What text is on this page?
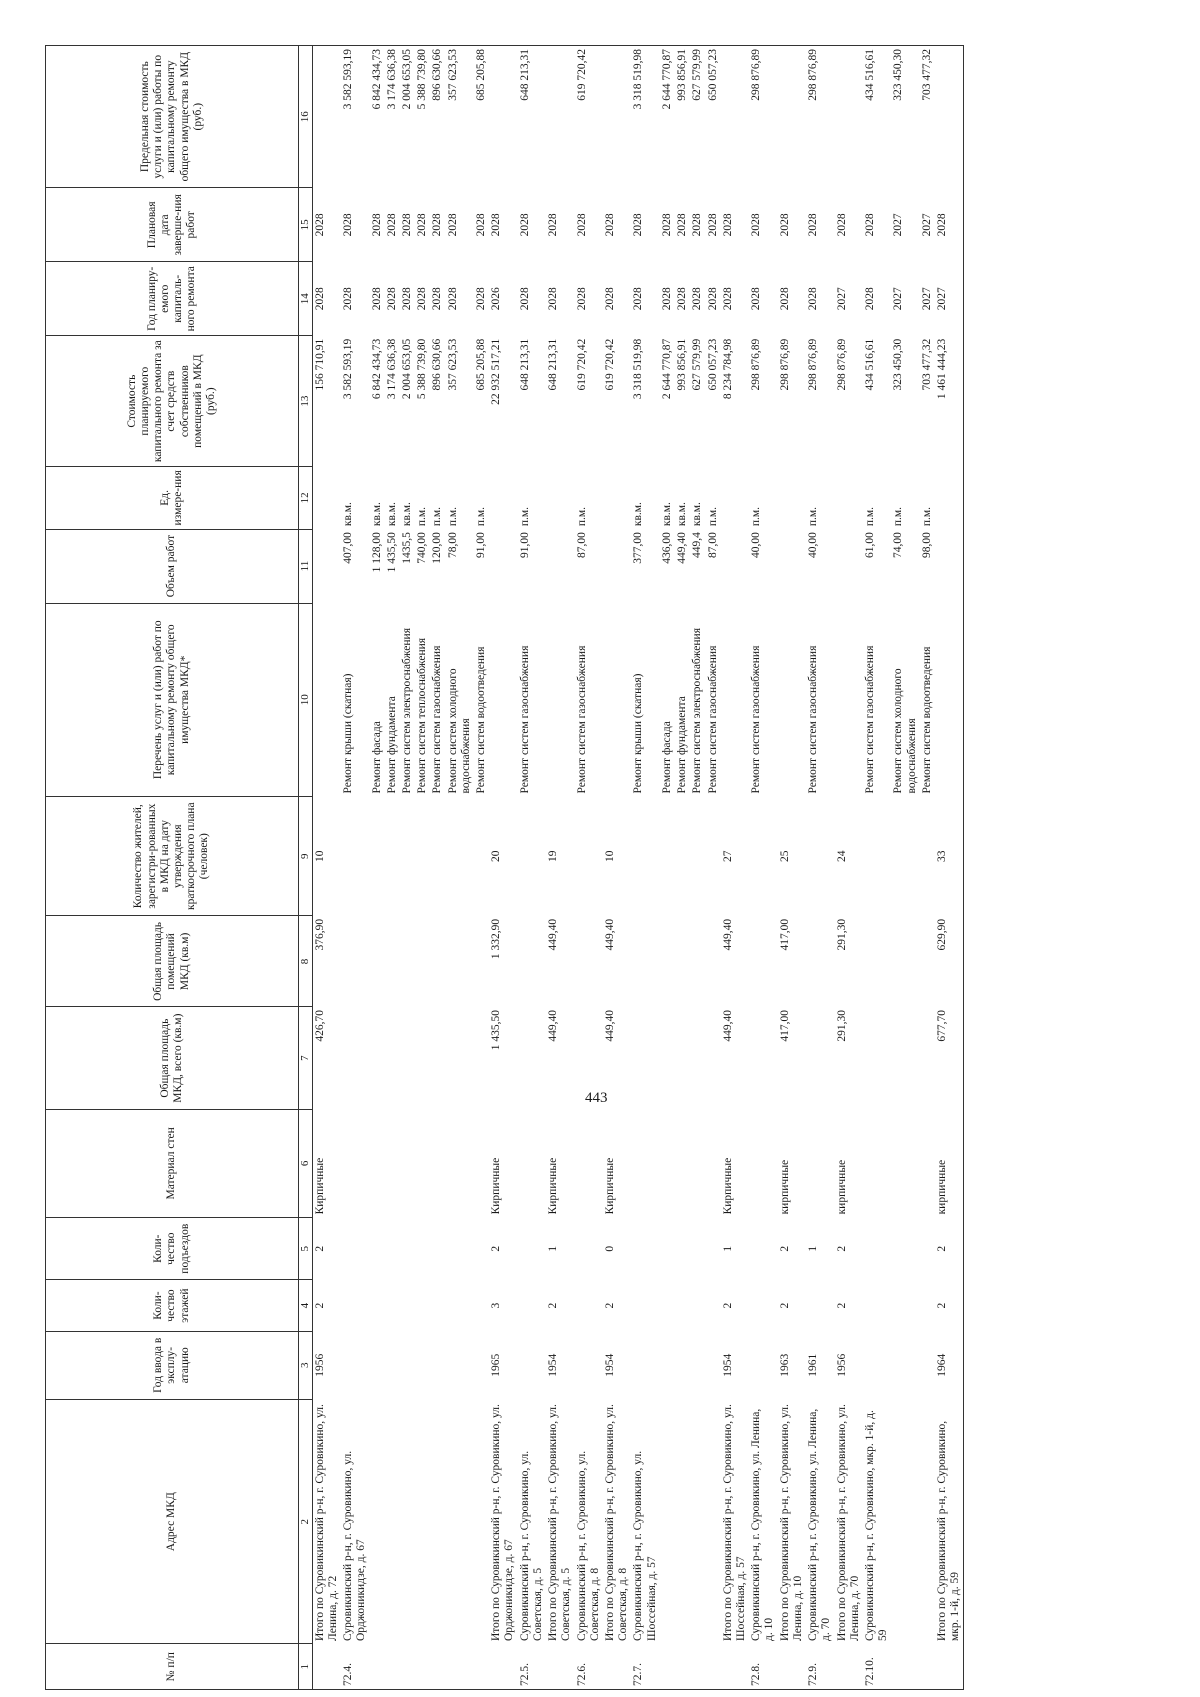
443
№ п/п	Адрес МКД	Год ввода в эксплу-атацию	Коли-чество этажей	Коли-чество подъездов	Материал стен	Общая площадь МКД, всего (кв.м)	Общая площадь помещений МКД (кв.м)	Количество жителей, зарегистри-рованных в МКД на дату утверждения краткосрочного плана (человек)	Перечень услуг и (или) работ по капитальному ремонту общего имущества МКД*	Объем работ	Ед. измере-ния	Стоимость планируемого капитального ремонта за счет средств собственников помещений в МКД (руб.)	Год планиру-емого капиталь-ного ремонта	Плановая дата заверше-ния работ	Предельная стоимость услуги и (или) работы по капитальному ремонту общего имущества в МКД (руб.)
1	2	3	4	5	6	7	8	9	10	11	12	13	14	15	16
	Итого по Суровикинский р-н, г. Суровикино, ул. Ленина, д. 72	1956	2	2	Кирпичные	426,70	376,90	10				156 710,91	2028	2028	
72.4.	Суровикинский р-н, г. Суровикино, ул. Орджоникидзе, д. 67								Ремонт крыши (скатная)	407,00	кв.м.	3 582 593,19	2028	2028	3 582 593,19
									Ремонт фасада	1 128,00	кв.м.	6 842 434,73	2028	2028	6 842 434,73
									Ремонт фундамента	1 435,50	кв.м.	3 174 636,38	2028	2028	3 174 636,38
									Ремонт систем электроснабжения	1435,5	кв.м.	2 004 653,05	2028	2028	2 004 653,05
									Ремонт систем теплоснабжения	740,00	п.м.	5 388 739,80	2028	2028	5 388 739,80
									Ремонт систем газоснабжения	120,00	п.м.	896 630,66	2028	2028	896 630,66
									Ремонт систем холодного водоснабжения	78,00	п.м.	357 623,53	2028	2028	357 623,53
									Ремонт систем водоотведения	91,00	п.м.	685 205,88	2028	2028	685 205,88
	Итого по Суровикинский р-н, г. Суровикино, ул. Орджоникидзе, д. 67	1965	3	2	Кирпичные	1 435,50	1 332,90	20				22 932 517,21	2026	2028	
72.5.	Суровикинский р-н, г. Суровикино, ул. Советская, д. 5								Ремонт систем газоснабжения	91,00	п.м.	648 213,31	2028	2028	648 213,31
	Итого по Суровикинский р-н, г. Суровикино, ул. Советская, д. 5	1954	2	1	Кирпичные	449,40	449,40	19				648 213,31	2028	2028	
72.6.	Суровикинский р-н, г. Суровикино, ул. Советская, д. 8								Ремонт систем газоснабжения	87,00	п.м.	619 720,42	2028	2028	619 720,42
	Итого по Суровикинский р-н, г. Суровикино, ул. Советская, д. 8	1954	2	0	Кирпичные	449,40	449,40	10				619 720,42	2028	2028	
72.7.	Суровикинский р-н, г. Суровикино, ул. Шоссейная, д. 57								Ремонт крыши (скатная)	377,00	кв.м.	3 318 519,98	2028	2028	3 318 519,98
									Ремонт фасада	436,00	кв.м.	2 644 770,87	2028	2028	2 644 770,87
									Ремонт фундамента	449,40	кв.м.	993 856,91	2028	2028	993 856,91
									Ремонт систем электроснабжения	449,4	кв.м.	627 579,99	2028	2028	627 579,99
									Ремонт систем газоснабжения	87,00	п.м.	650 057,23	2028	2028	650 057,23
	Итого по Суровикинский р-н, г. Суровикино, ул. Шоссейная, д. 57	1954	2	1	Кирпичные	449,40	449,40	27				8 234 784,98	2028	2028	
72.8.	Суровикинский р-н, г. Суровикино, ул. Ленина, д. 10								Ремонт систем газоснабжения	40,00	п.м.	298 876,89	2028	2028	298 876,89
	Итого по Суровикинский р-н, г. Суровикино, ул. Ленина, д. 10	1963	2	2	кирпичные	417,00	417,00	25				298 876,89	2028	2028	
72.9.	Суровикинский р-н, г. Суровикино, ул. Ленина, д. 70	1961		1					Ремонт систем газоснабжения	40,00	п.м.	298 876,89	2028	2028	298 876,89
	Итого по Суровикинский р-н, г. Суровикино, ул. Ленина, д. 70	1956	2	2	кирпичные	291,30	291,30	24				298 876,89	2027	2028	
72.10.	Суровикинский р-н, г. Суровикино, мкр. 1-й, д. 59								Ремонт систем газоснабжения	61,00	п.м.	434 516,61	2028	2028	434 516,61
									Ремонт систем холодного водоснабжения	74,00	п.м.	323 450,30	2027	2027	323 450,30
									Ремонт систем водоотведения	98,00	п.м.	703 477,32	2027	2027	703 477,32
	Итого по Суровикинский р-н, г. Суровикино, мкр. 1-й, д. 59	1964	2	2	кирпичные	677,70	629,90	33				1 461 444,23	2027	2028	
